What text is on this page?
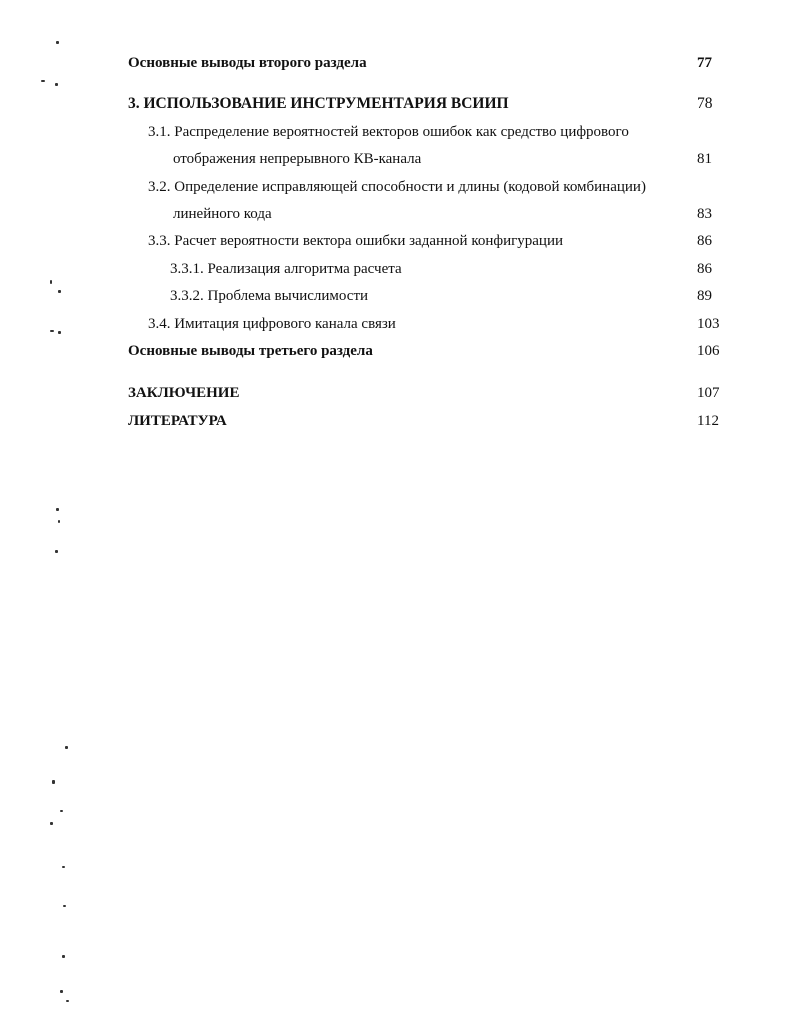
Основные выводы второго раздела	77
3. ИСПОЛЬЗОВАНИЕ ИНСТРУМЕНТАРИЯ ВСИИП	78
3.1. Распределение вероятностей векторов ошибок как средство цифрового
отображения непрерывного КВ-канала	81
3.2. Определение исправляющей способности и длины (кодовой комбинации)
линейного кода	83
3.3. Расчет вероятности вектора ошибки заданной конфигурации	86
3.3.1. Реализация алгоритма расчета	86
3.3.2. Проблема вычислимости	89
3.4. Имитация цифрового канала связи	103
Основные выводы третьего раздела	106
ЗАКЛЮЧЕНИЕ	107
ЛИТЕРАТУРА	112
